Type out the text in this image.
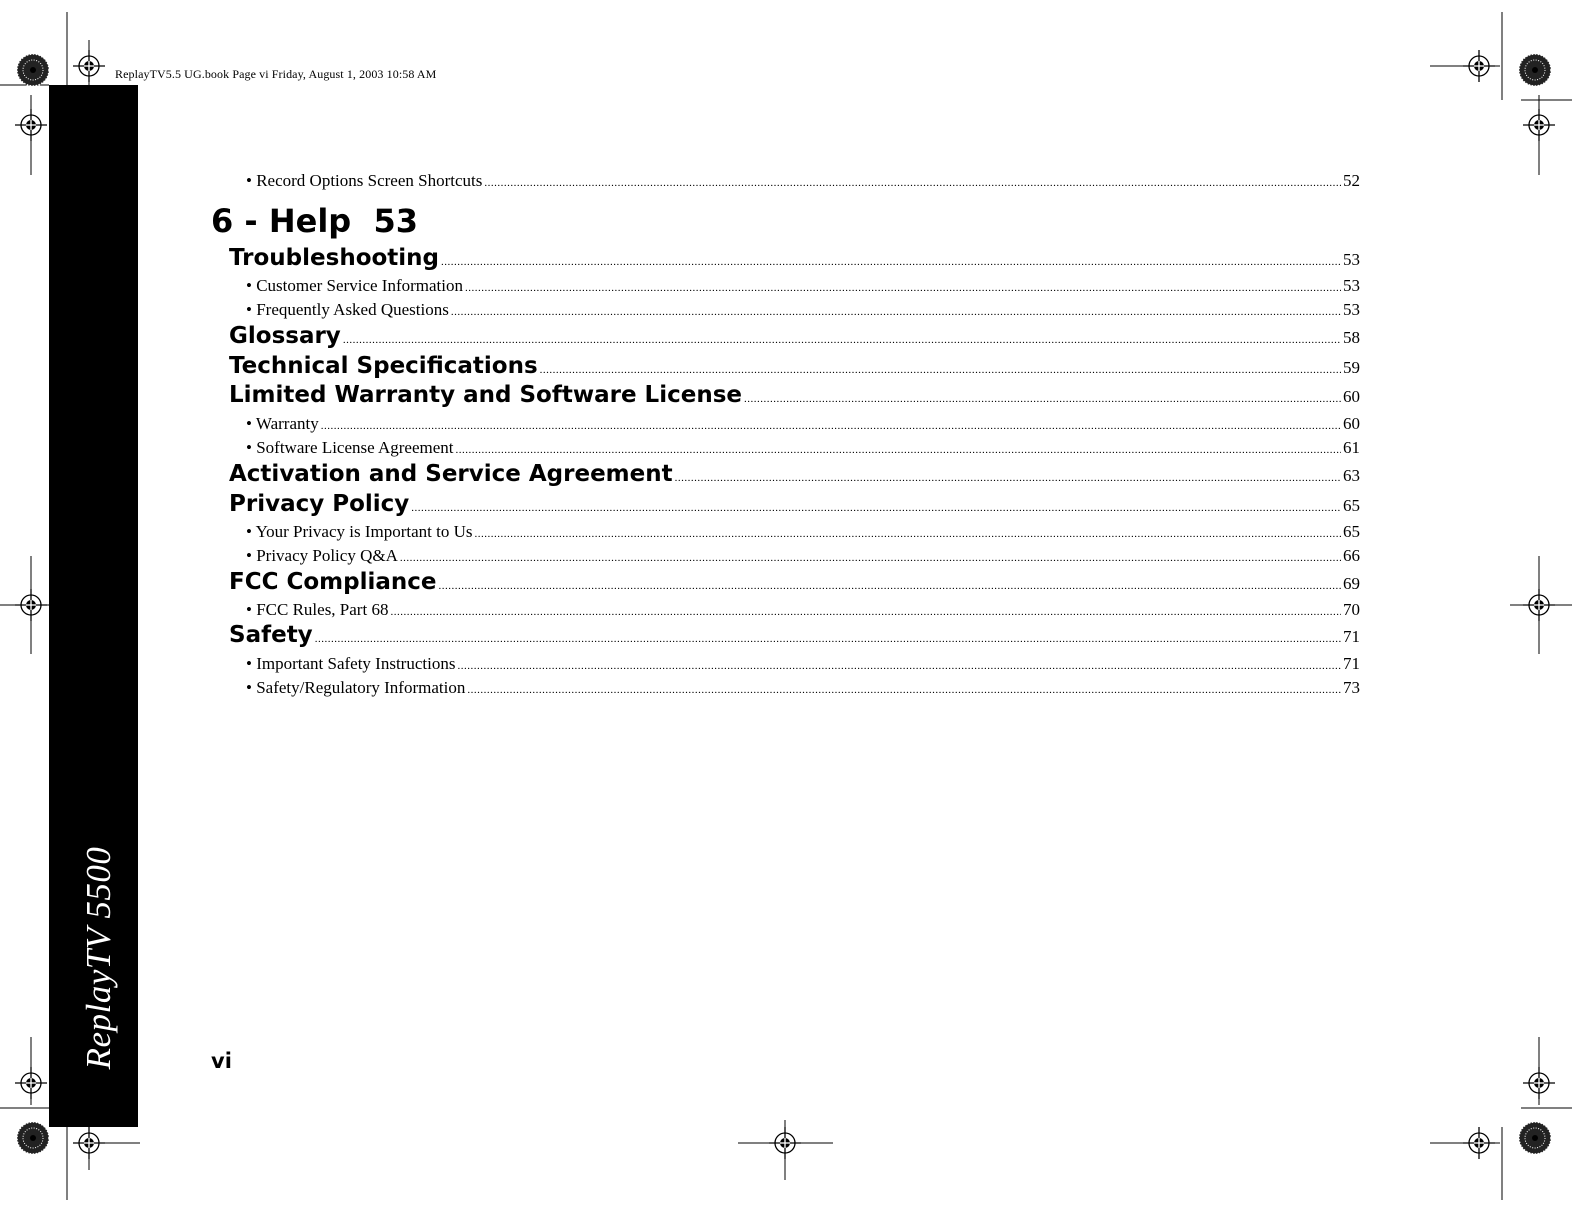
ReplayTV5.5 UG.book Page vi Friday, August 1, 2003 10:58 AM
ReplayTV 5500
• Record Options Screen Shortcuts .....	52
6 - Help  53
Troubleshooting .....	53
• Customer Service Information .....	53
• Frequently Asked Questions .....	53
Glossary .....	58
Technical Specifications .....	59
Limited Warranty and Software License .....	60
• Warranty .....	60
• Software License Agreement .....	61
Activation and Service Agreement .....	63
Privacy Policy .....	65
• Your Privacy is Important to Us .....	65
• Privacy Policy Q&A .....	66
FCC Compliance .....	69
• FCC Rules, Part 68 .....	70
Safety .....	71
• Important Safety Instructions .....	71
• Safety/Regulatory Information .....	73
vi
